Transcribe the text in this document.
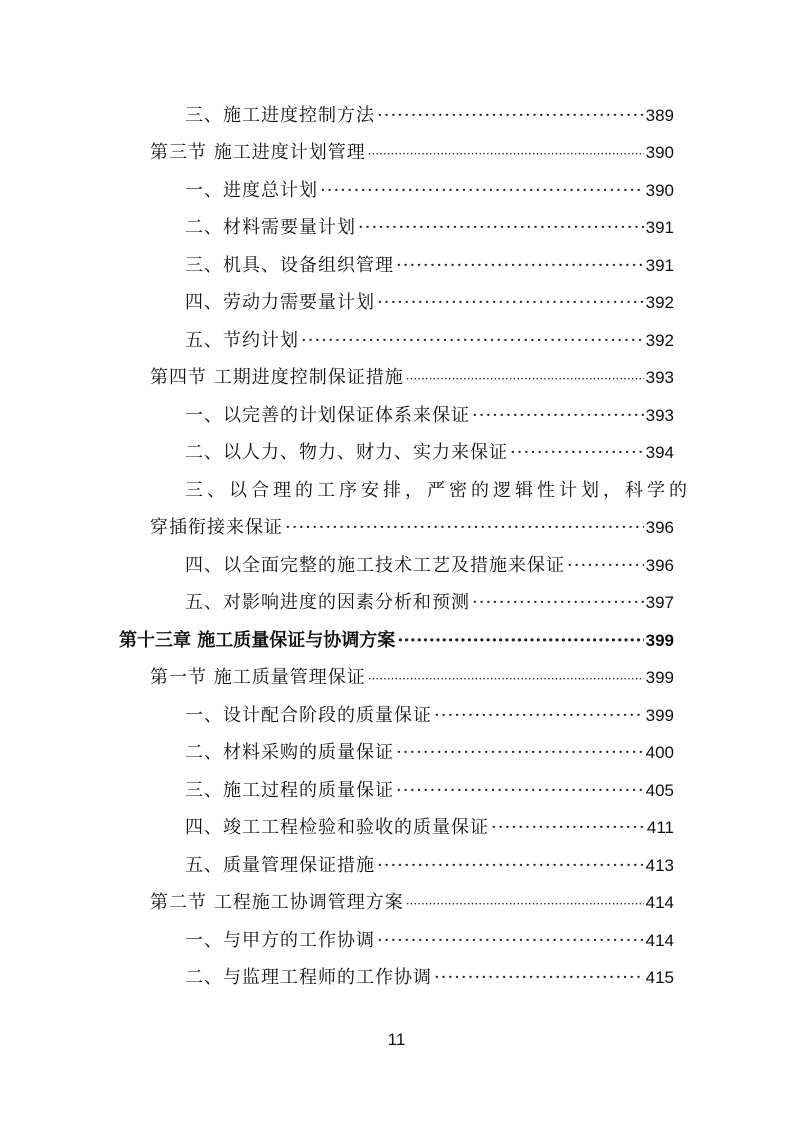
三、施工进度控制方法 ·····	389
第三节 施工进度计划管理 ·····	390
一、进度总计划 ·····	390
二、材料需要量计划 ·····	391
三、机具、设备组织管理 ·····	391
四、劳动力需要量计划 ·····	392
五、节约计划 ·····	392
第四节 工期进度控制保证措施 ·····	393
一、以完善的计划保证体系来保证 ·····	393
二、以人力、物力、财力、实力来保证 ·····	394
三、以合理的工序安排，严密的逻辑性计划，科学的
穿插衔接来保证 ·····	396
四、以全面完整的施工技术工艺及措施来保证 ·····	396
五、对影响进度的因素分析和预测 ·····	397
第十三章 施工质量保证与协调方案 ·····	399
第一节 施工质量管理保证 ·····	399
一、设计配合阶段的质量保证 ·····	399
二、材料采购的质量保证 ·····	400
三、施工过程的质量保证 ·····	405
四、竣工工程检验和验收的质量保证 ·····	411
五、质量管理保证措施 ·····	413
第二节 工程施工协调管理方案 ·····	414
一、与甲方的工作协调 ·····	414
二、与监理工程师的工作协调 ·····	415
11
